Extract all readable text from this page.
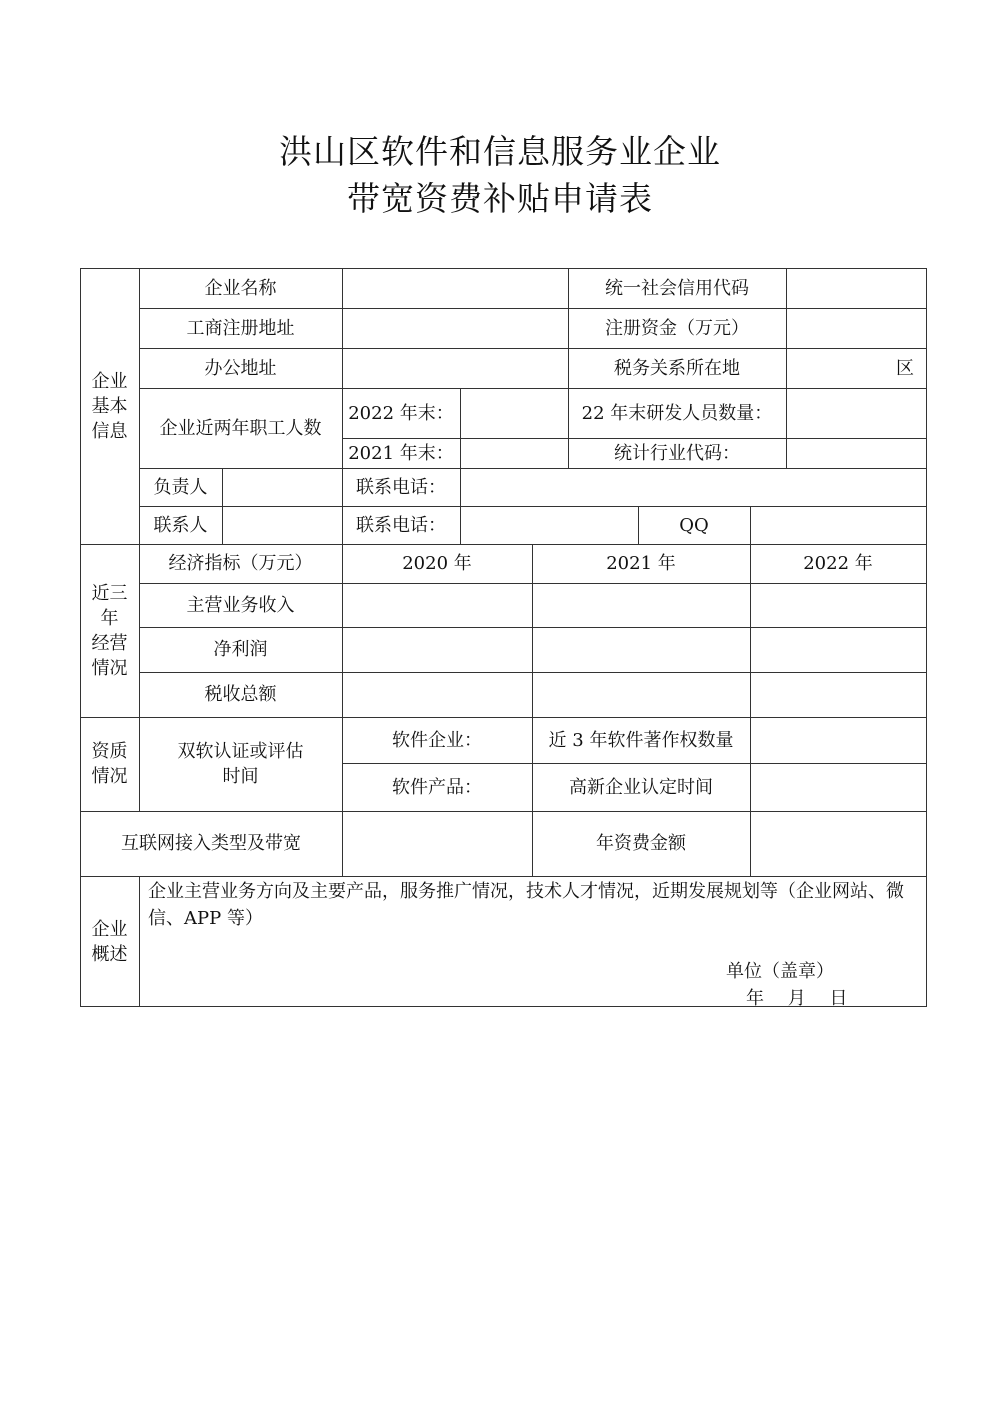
洪山区软件和信息服务业企业
带宽资费补贴申请表
企业
基本
信息
企业名称	统一社会信用代码
工商注册地址	注册资金（万元）
办公地址	税务关系所在地	区
企业近两年职工人数
2022 年末：	22 年末研发人员数量：
2021 年末：	统计行业代码：
负责人	联系电话：
联系人	联系电话：	QQ
近三
年
经营
情况
经济指标（万元）	2020 年	2021 年	2022 年
主营业务收入
净利润
税收总额
资质
情况
双软认证或评估
时间
软件企业：	近 3 年软件著作权数量
软件产品：	高新企业认定时间
互联网接入类型及带宽	年资费金额
企业
概述
企业主营业务方向及主要产品，服务推广情况，技术人才情况，近期发展规划等（企业网站、微信、APP 等）
单位（盖章）
年　 月　 日
